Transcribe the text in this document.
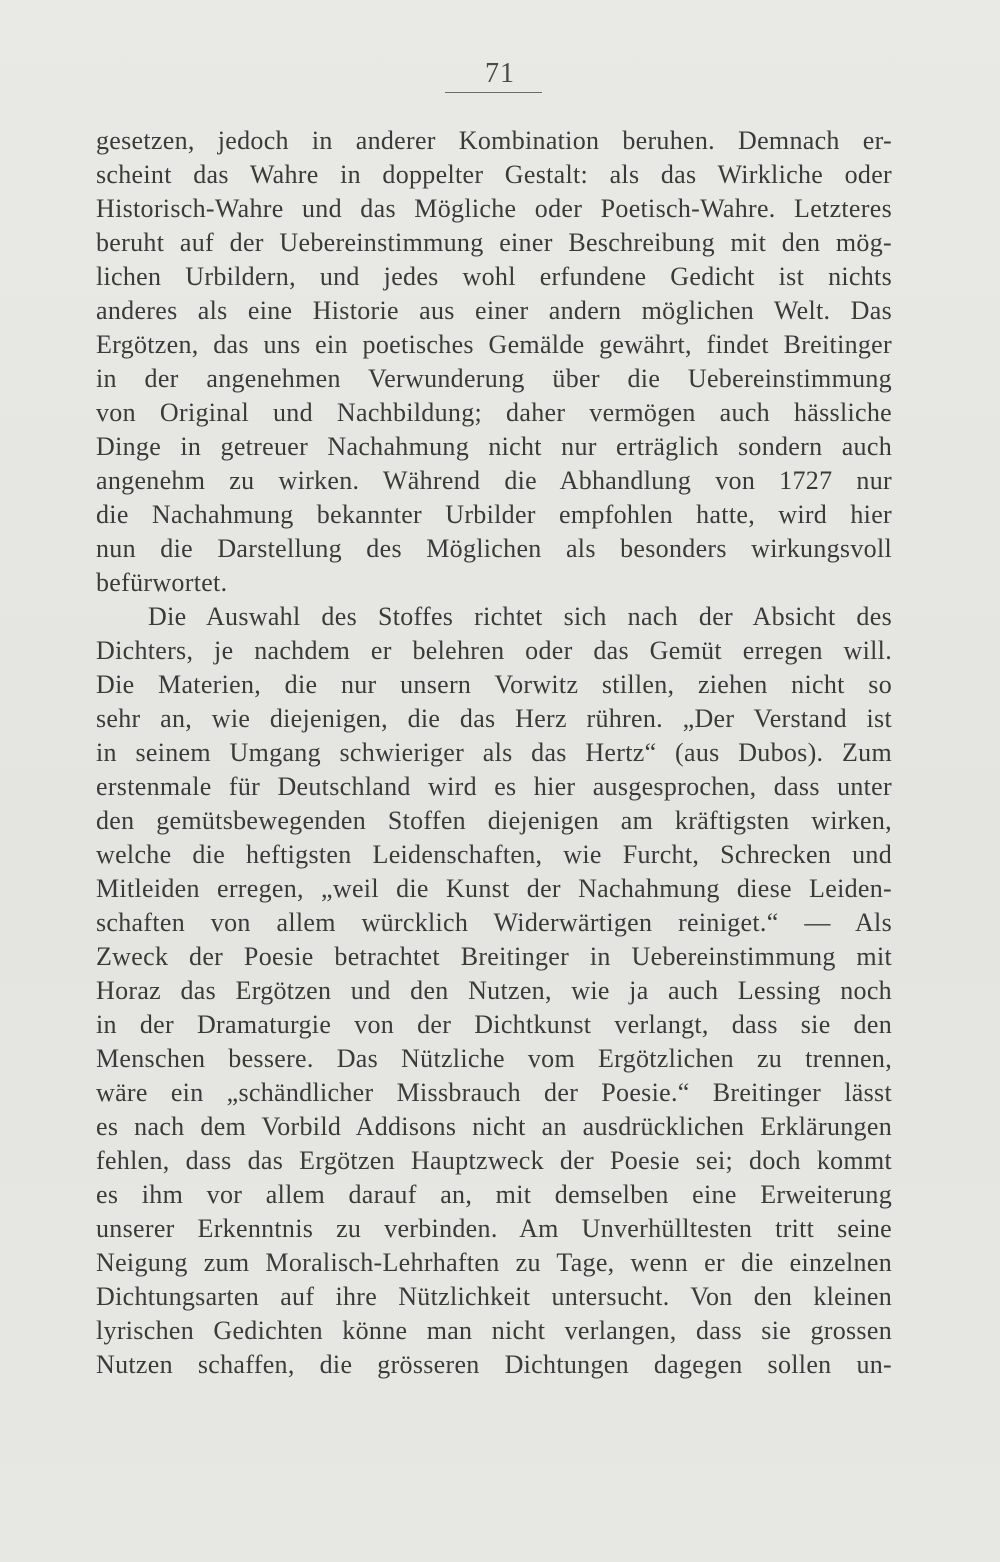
71
gesetzen, jedoch in anderer Kombination beruhen. Demnach er-
scheint das Wahre in doppelter Gestalt: als das Wirkliche oder
Historisch-Wahre und das Mögliche oder Poetisch-Wahre. Letzteres
beruht auf der Uebereinstimmung einer Beschreibung mit den mög-
lichen Urbildern, und jedes wohl erfundene Gedicht ist nichts
anderes als eine Historie aus einer andern möglichen Welt. Das
Ergötzen, das uns ein poetisches Gemälde gewährt, findet Breitinger
in der angenehmen Verwunderung über die Uebereinstimmung
von Original und Nachbildung; daher vermögen auch hässliche
Dinge in getreuer Nachahmung nicht nur erträglich sondern auch
angenehm zu wirken. Während die Abhandlung von 1727 nur
die Nachahmung bekannter Urbilder empfohlen hatte, wird hier
nun die Darstellung des Möglichen als besonders wirkungsvoll
befürwortet.
Die Auswahl des Stoffes richtet sich nach der Absicht des
Dichters, je nachdem er belehren oder das Gemüt erregen will.
Die Materien, die nur unsern Vorwitz stillen, ziehen nicht so
sehr an, wie diejenigen, die das Herz rühren. „Der Verstand ist
in seinem Umgang schwieriger als das Hertz“ (aus Dubos). Zum
erstenmale für Deutschland wird es hier ausgesprochen, dass unter
den gemütsbewegenden Stoffen diejenigen am kräftigsten wirken,
welche die heftigsten Leidenschaften, wie Furcht, Schrecken und
Mitleiden erregen, „weil die Kunst der Nachahmung diese Leiden-
schaften von allem würcklich Widerwärtigen reiniget.“ — Als
Zweck der Poesie betrachtet Breitinger in Uebereinstimmung mit
Horaz das Ergötzen und den Nutzen, wie ja auch Lessing noch
in der Dramaturgie von der Dichtkunst verlangt, dass sie den
Menschen bessere. Das Nützliche vom Ergötzlichen zu trennen,
wäre ein „schändlicher Missbrauch der Poesie.“ Breitinger lässt
es nach dem Vorbild Addisons nicht an ausdrücklichen Erklärungen
fehlen, dass das Ergötzen Hauptzweck der Poesie sei; doch kommt
es ihm vor allem darauf an, mit demselben eine Erweiterung
unserer Erkenntnis zu verbinden. Am Unverhülltesten tritt seine
Neigung zum Moralisch-Lehrhaften zu Tage, wenn er die einzelnen
Dichtungsarten auf ihre Nützlichkeit untersucht. Von den kleinen
lyrischen Gedichten könne man nicht verlangen, dass sie grossen
Nutzen schaffen, die grösseren Dichtungen dagegen sollen un-
